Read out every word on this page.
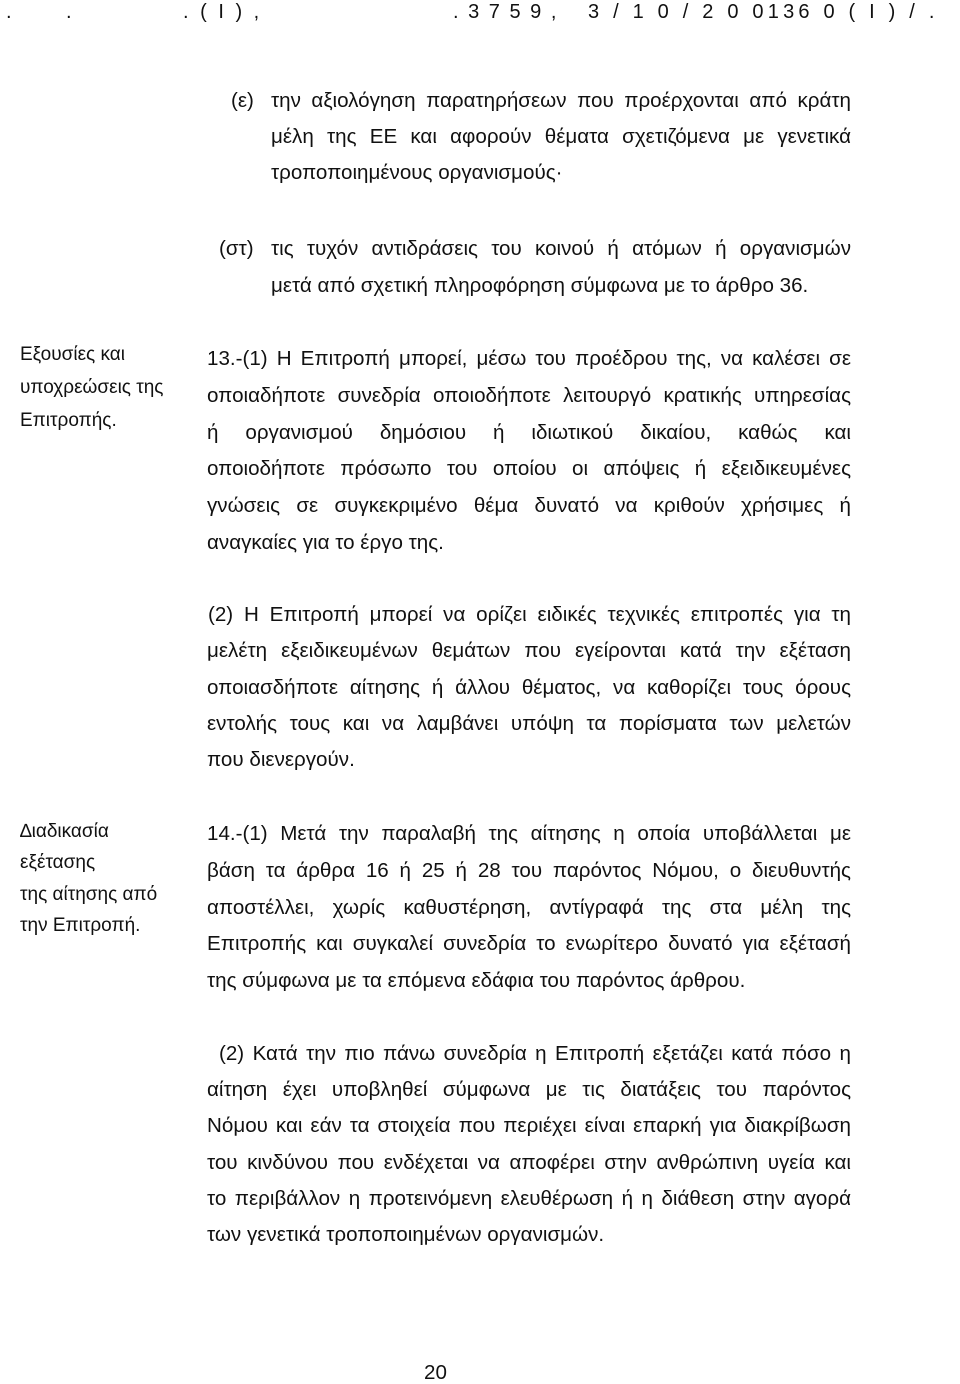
.	.	. ( Ι ) ,	. 3 7 5 9 , 3 / 1 0 / 2 0 0136 0 ( Ι ) / .
(ε) την αξιολόγηση παρατηρήσεων που προέρχονται από κράτη
μέλη της ΕΕ και αφορούν θέματα σχετιζόμενα με γενετικά
τροποποιημένους οργανισμούς·
(στ) τις τυχόν αντιδράσεις του κοινού ή ατόμων ή οργανισμών
μετά από σχετική πληροφόρηση σύμφωνα με το άρθρο 36.
Εξουσίες και
υποχρεώσεις της
Επιτροπής.
13.-(1) Η Επιτροπή μπορεί, μέσω του προέδρου της, να καλέσει σε
οποιαδήποτε συνεδρία οποιοδήποτε λειτουργό κρατικής υπηρεσίας
ή οργανισμού δημόσιου ή ιδιωτικού δικαίου, καθώς και
οποιοδήποτε πρόσωπο του οποίου οι απόψεις ή εξειδικευμένες
γνώσεις σε συγκεκριμένο θέμα δυνατό να κριθούν χρήσιμες ή
αναγκαίες για το έργο της.
(2) Η Επιτροπή μπορεί να ορίζει ειδικές τεχνικές επιτροπές για τη
μελέτη εξειδικευμένων θεμάτων που εγείρονται κατά την εξέταση
οποιασδήποτε αίτησης ή άλλου θέματος, να καθορίζει τους όρους
εντολής τους και να λαμβάνει υπόψη τα πορίσματα των μελετών
που διενεργούν.
∆ιαδικασία
εξέτασης
της αίτησης από
την Επιτροπή.
14.-(1) Μετά την παραλαβή της αίτησης η οποία υποβάλλεται με
βάση τα άρθρα 16 ή 25 ή 28 του παρόντος Νόμου, ο διευθυντής
αποστέλλει, χωρίς καθυστέρηση, αντίγραφά της στα μέλη της
Επιτροπής και συγκαλεί συνεδρία το ενωρίτερο δυνατό για εξέτασή
της σύμφωνα με τα επόμενα εδάφια του παρόντος άρθρου.
(2) Κατά την πιο πάνω συνεδρία η Επιτροπή εξετάζει κατά πόσο η
αίτηση έχει υποβληθεί σύμφωνα με τις διατάξεις του παρόντος
Νόμου και εάν τα στοιχεία που περιέχει είναι επαρκή για διακρίβωση
του κινδύνου που ενδέχεται να αποφέρει στην ανθρώπινη υγεία και
το περιβάλλον η προτεινόμενη ελευθέρωση ή η διάθεση στην αγορά
των γενετικά τροποποιημένων οργανισμών.
20
